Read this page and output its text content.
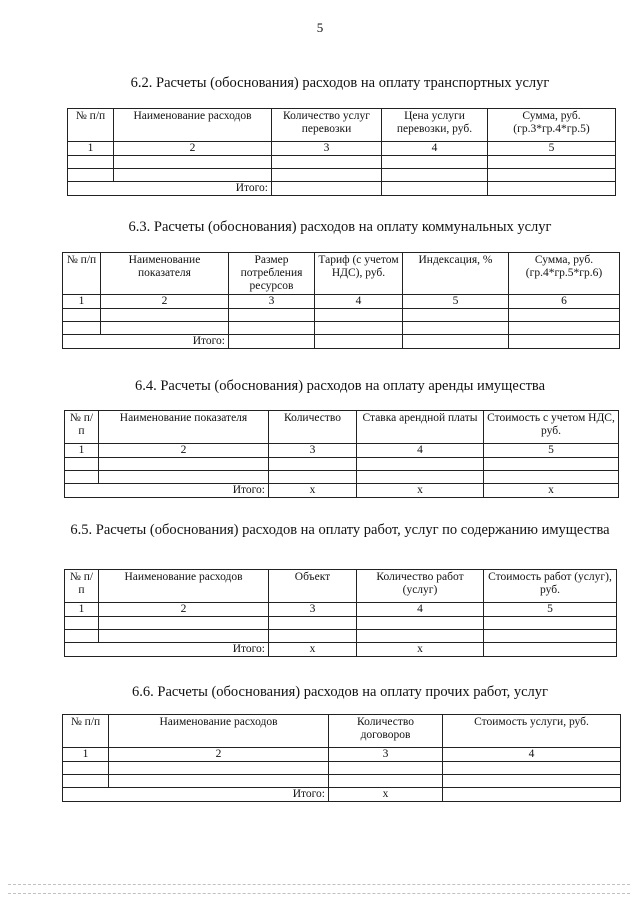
5
6.2. Расчеты (обоснования) расходов на оплату транспортных услуг
№ п/п	Наименование расходов	Количество услуг перевозки	Цена услуги перевозки, руб.	Сумма, руб. (гр.3*гр.4*гр.5)
1	2	3	4	5

Итого:				
6.3. Расчеты (обоснования) расходов на оплату коммунальных услуг
№ п/п	Наименование показателя	Размер потребления ресурсов	Тариф (с учетом НДС), руб.	Индексация, %	Сумма, руб. (гр.4*гр.5*гр.6)
1	2	3	4	5	6

Итого:					
6.4. Расчеты (обоснования) расходов на оплату аренды имущества
№ п/п	Наименование показателя	Количество	Ставка арендной платы	Стоимость с учетом НДС, руб.
1	2	3	4	5

Итого:		x	x	x
6.5. Расчеты (обоснования) расходов на оплату работ, услуг по содержанию имущества
№ п/п	Наименование расходов	Объект	Количество работ (услуг)	Стоимость работ (услуг), руб.
1	2	3	4	5

Итого:		x	x	
6.6. Расчеты (обоснования) расходов на оплату прочих работ, услуг
№ п/п	Наименование расходов	Количество договоров	Стоимость услуги, руб.
1	2	3	4

Итого:		x	
